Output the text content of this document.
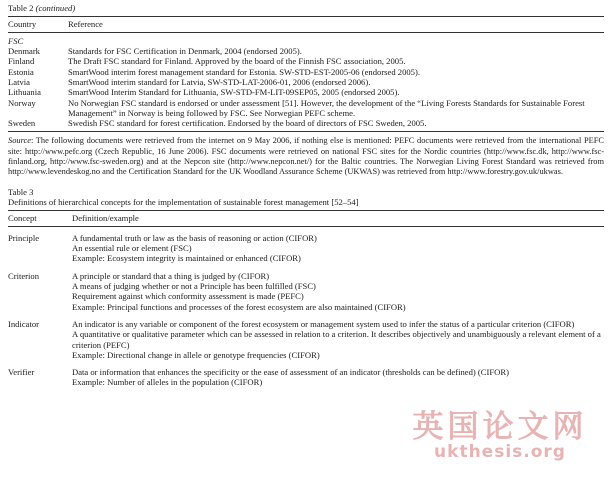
Table 2 (continued)
Country	Reference
FSC
Denmark	Standards for FSC Certification in Denmark, 2004 (endorsed 2005).
Finland	The Draft FSC standard for Finland. Approved by the board of the Finnish FSC association, 2005.
Estonia	SmartWood interim forest management standard for Estonia. SW-STD-EST-2005-06 (endorsed 2005).
Latvia	SmartWood interim standard for Latvia, SW-STD-LAT-2006-01, 2006 (endorsed 2006).
Lithuania	SmartWood Interim Standard for Lithuania, SW-STD-FM-LIT-09SEP05, 2005 (endorsed 2005).
Norway	No Norwegian FSC standard is endorsed or under assessment [51]. However, the development of the “Living Forests Standards for Sustainable Forest Management” in Norway is being followed by FSC. See Norwegian PEFC scheme.
Sweden	Swedish FSC standard for forest certification. Endorsed by the board of directors of FSC Sweden, 2005.

Source: The following documents were retrieved from the internet on 9 May 2006, if nothing else is mentioned: PEFC documents were retrieved from the international PEFC site: http://www.pefc.org (Czech Republic, 16 June 2006). FSC documents were retrieved on national FSC sites for the Nordic countries (http://www.fsc.dk, http://www.fsc-finland.org, http://www.fsc-sweden.org) and at the Nepcon site (http://www.nepcon.net/) for the Baltic countries. The Norwegian Living Forest Standard was retrieved from http://www.levendeskog.no and the Certification Standard for the UK Woodland Assurance Scheme (UKWAS) was retrieved from http://www.forestry.gov.uk/ukwas.

Table 3
Definitions of hierarchical concepts for the implementation of sustainable forest management [52–54]
Concept	Definition/example
Principle	A fundamental truth or law as the basis of reasoning or action (CIFOR)
An essential rule or element (FSC)
Example: Ecosystem integrity is maintained or enhanced (CIFOR)
Criterion	A principle or standard that a thing is judged by (CIFOR)
A means of judging whether or not a Principle has been fulfilled (FSC)
Requirement against which conformity assessment is made (PEFC)
Example: Principal functions and processes of the forest ecosystem are also maintained (CIFOR)
Indicator	An indicator is any variable or component of the forest ecosystem or management system used to infer the status of a particular criterion (CIFOR)
A quantitative or qualitative parameter which can be assessed in relation to a criterion. It describes objectively and unambiguously a relevant element of a criterion (PEFC)
Example: Directional change in allele or genotype frequencies (CIFOR)
Verifier	Data or information that enhances the specificity or the ease of assessment of an indicator (thresholds can be defined) (CIFOR)
Example: Number of alleles in the population (CIFOR)
英国论文网
ukthesis.org
